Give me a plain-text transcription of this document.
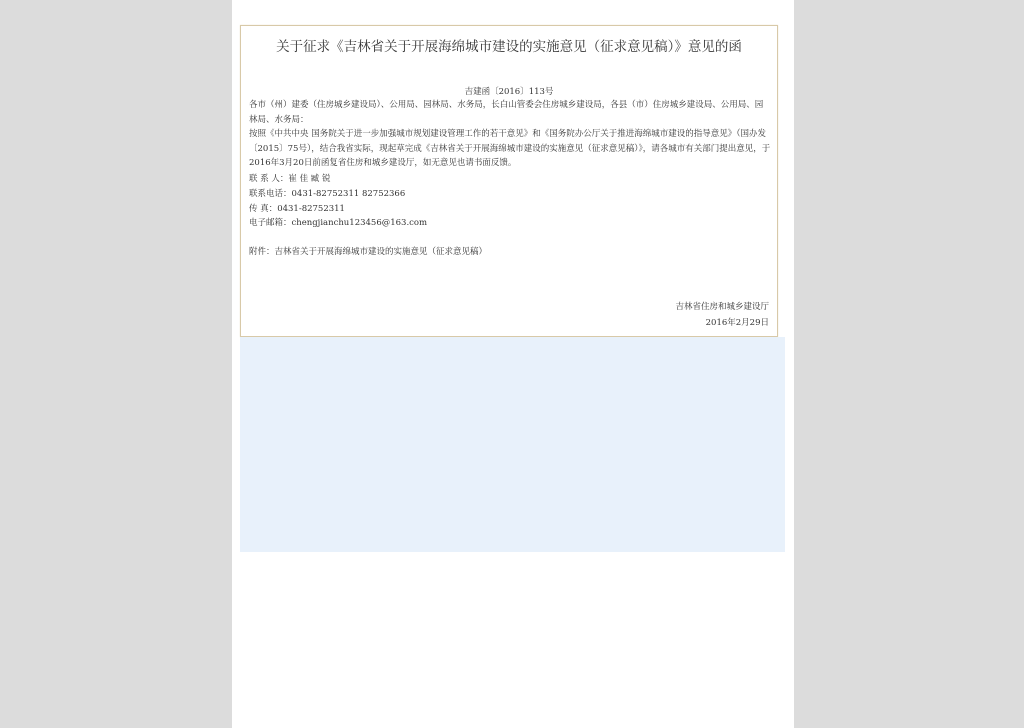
关于征求《吉林省关于开展海绵城市建设的实施意见（征求意见稿）》意见的函
吉建函〔2016〕113号
各市（州）建委（住房城乡建设局）、公用局、园林局、水务局，长白山管委会住房城乡建设局，各县（市）住房城乡建设局、公用局、园林局、水务局：
按照《中共中央 国务院关于进一步加强城市规划建设管理工作的若干意见》和《国务院办公厅关于推进海绵城市建设的指导意见》（国办发〔2015〕75号），结合我省实际，现起草完成《吉林省关于开展海绵城市建设的实施意见（征求意见稿）》，请各城市有关部门提出意见，于2016年3月20日前函复省住房和城乡建设厅，如无意见也请书面反馈。
联 系 人：崔 佳 臧 锐
联系电话：0431-82752311 82752366
传 真：0431-82752311
电子邮箱：chengjianchu123456@163.com
附件：吉林省关于开展海绵城市建设的实施意见（征求意见稿）
吉林省住房和城乡建设厅
2016年2月29日
